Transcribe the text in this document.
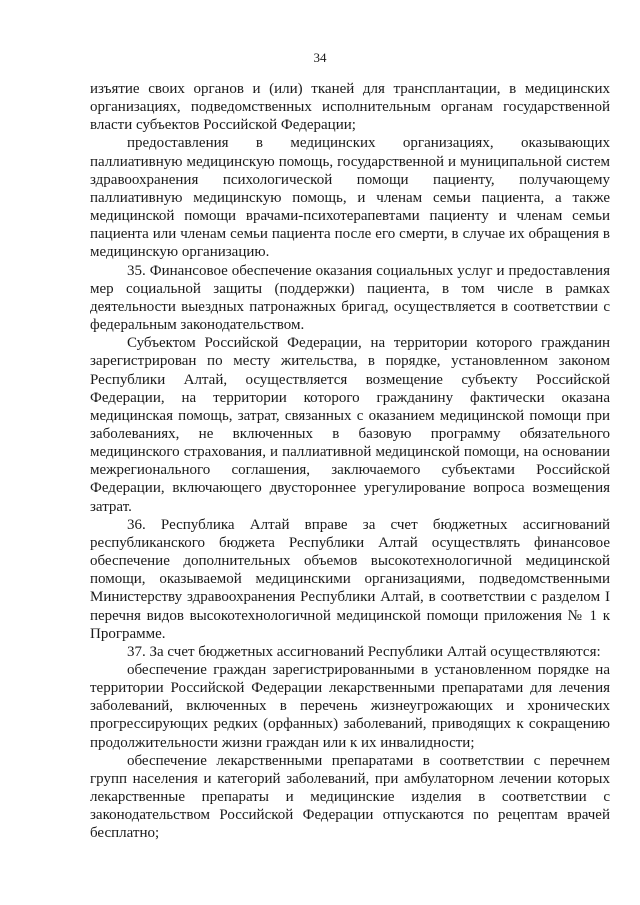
34

изъятие своих органов и (или) тканей для трансплантации, в медицинских организациях, подведомственных исполнительным органам государственной власти субъектов Российской Федерации;

предоставления в медицинских организациях, оказывающих паллиативную медицинскую помощь, государственной и муниципальной систем здравоохранения психологической помощи пациенту, получающему паллиативную медицинскую помощь, и членам семьи пациента, а также медицинской помощи врачами-психотерапевтами пациенту и членам семьи пациента или членам семьи пациента после его смерти, в случае их обращения в медицинскую организацию.

35. Финансовое обеспечение оказания социальных услуг и предоставления мер социальной защиты (поддержки) пациента, в том числе в рамках деятельности выездных патронажных бригад, осуществляется в соответствии с федеральным законодательством.

Субъектом Российской Федерации, на территории которого гражданин зарегистрирован по месту жительства, в порядке, установленном законом Республики Алтай, осуществляется возмещение субъекту Российской Федерации, на территории которого гражданину фактически оказана медицинская помощь, затрат, связанных с оказанием медицинской помощи при заболеваниях, не включенных в базовую программу обязательного медицинского страхования, и паллиативной медицинской помощи, на основании межрегионального соглашения, заключаемого субъектами Российской Федерации, включающего двустороннее урегулирование вопроса возмещения затрат.

36. Республика Алтай вправе за счет бюджетных ассигнований республиканского бюджета Республики Алтай осуществлять финансовое обеспечение дополнительных объемов высокотехнологичной медицинской помощи, оказываемой медицинскими организациями, подведомственными Министерству здравоохранения Республики Алтай, в соответствии с разделом I перечня видов высокотехнологичной медицинской помощи приложения № 1 к Программе.

37. За счет бюджетных ассигнований Республики Алтай осуществляются:

обеспечение граждан зарегистрированными в установленном порядке на территории Российской Федерации лекарственными препаратами для лечения заболеваний, включенных в перечень жизнеугрожающих и хронических прогрессирующих редких (орфанных) заболеваний, приводящих к сокращению продолжительности жизни граждан или к их инвалидности;

обеспечение лекарственными препаратами в соответствии с перечнем групп населения и категорий заболеваний, при амбулаторном лечении которых лекарственные препараты и медицинские изделия в соответствии с законодательством Российской Федерации отпускаются по рецептам врачей бесплатно;
